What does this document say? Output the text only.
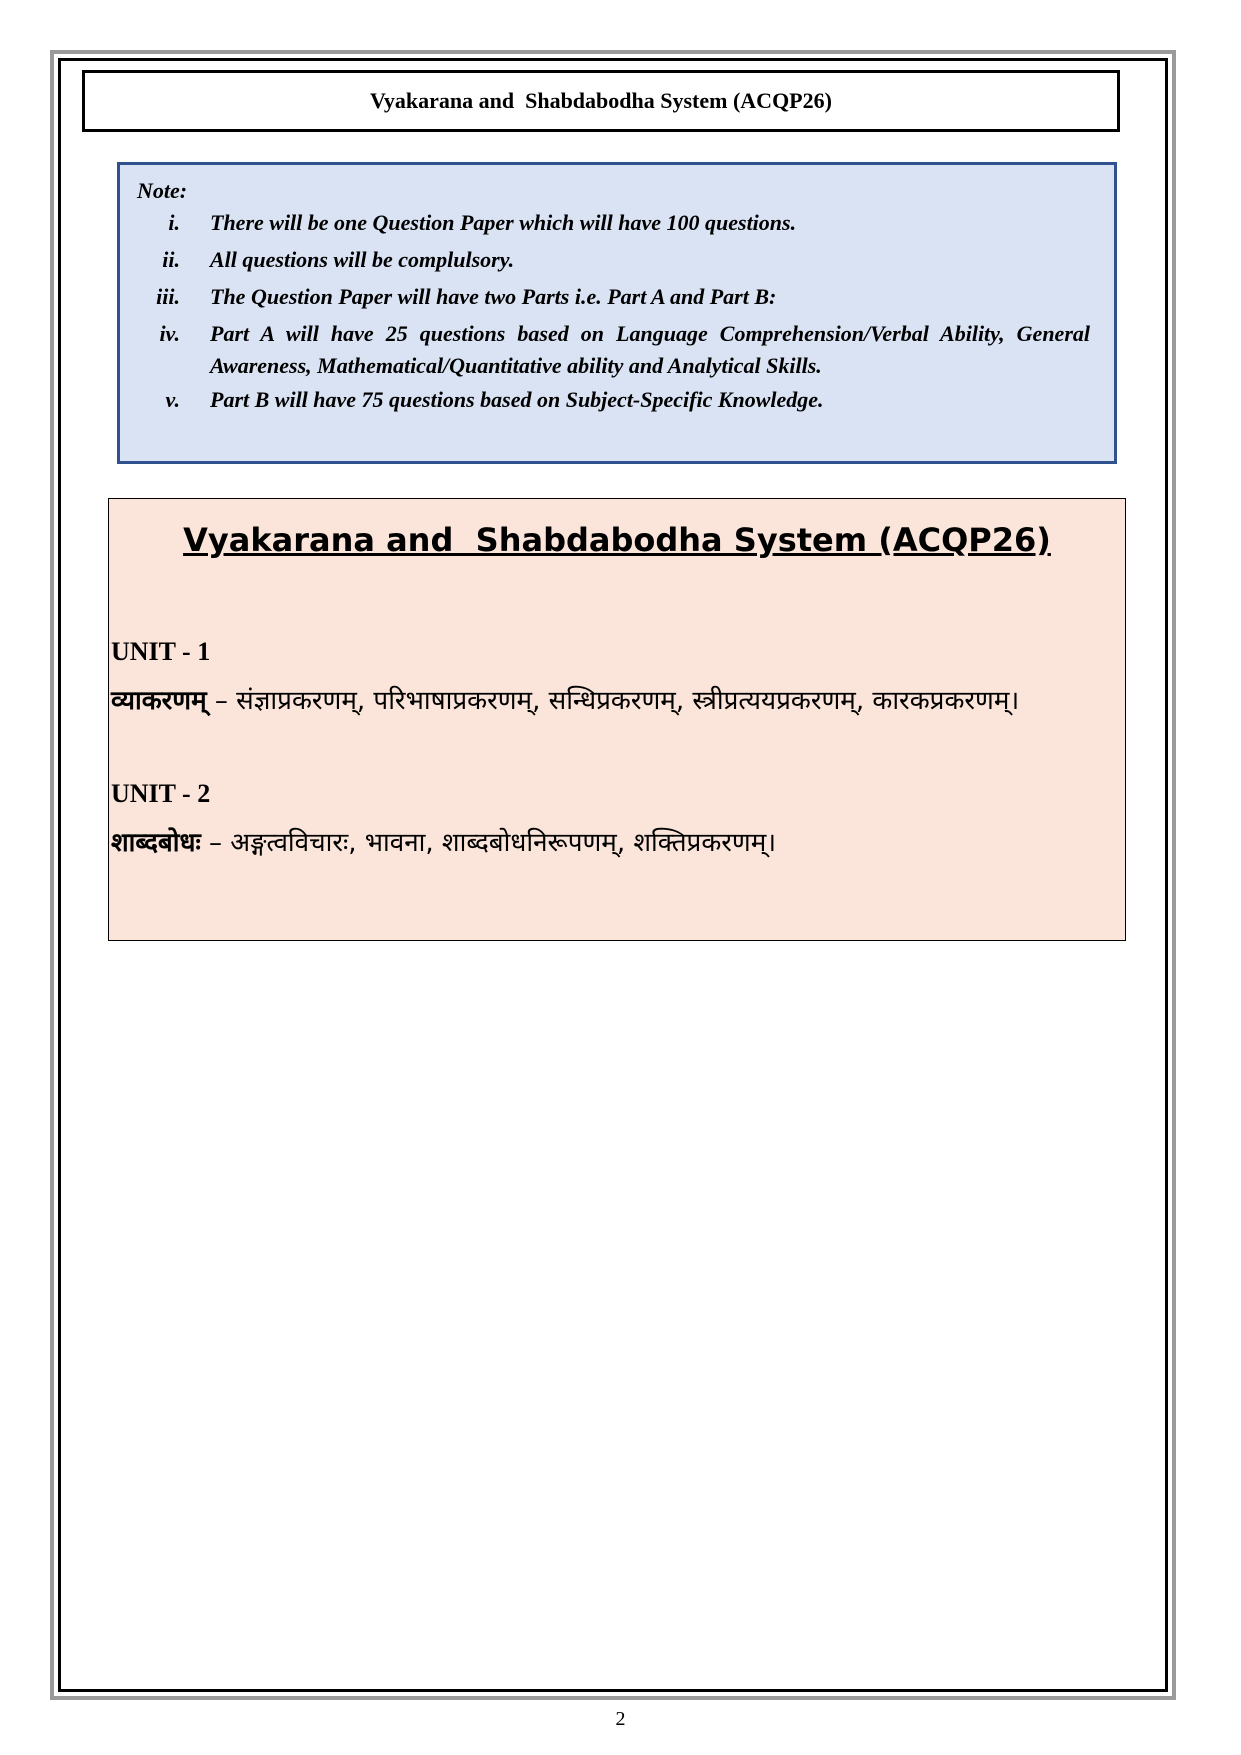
Vyakarana and  Shabdabodha System (ACQP26)
Note:
i. There will be one Question Paper which will have 100 questions.
ii. All questions will be complulsory.
iii. The Question Paper will have two Parts i.e. Part A and Part B:
iv. Part A will have 25 questions based on Language Comprehension/Verbal Ability, General Awareness, Mathematical/Quantitative ability and Analytical Skills.
v. Part B will have 75 questions based on Subject-Specific Knowledge.
Vyakarana and  Shabdabodha System (ACQP26)
UNIT - 1
व्याकरणम् – संज्ञाप्रकरणम्, परिभाषाप्रकरणम्, सन्धिप्रकरणम्, स्त्रीप्रत्ययप्रकरणम्, कारकप्रकरणम्।
UNIT - 2
शाब्दबोधः – अङ्गत्वविचारः, भावना, शाब्दबोधनिरूपणम्, शक्तिप्रकरणम्।
2
